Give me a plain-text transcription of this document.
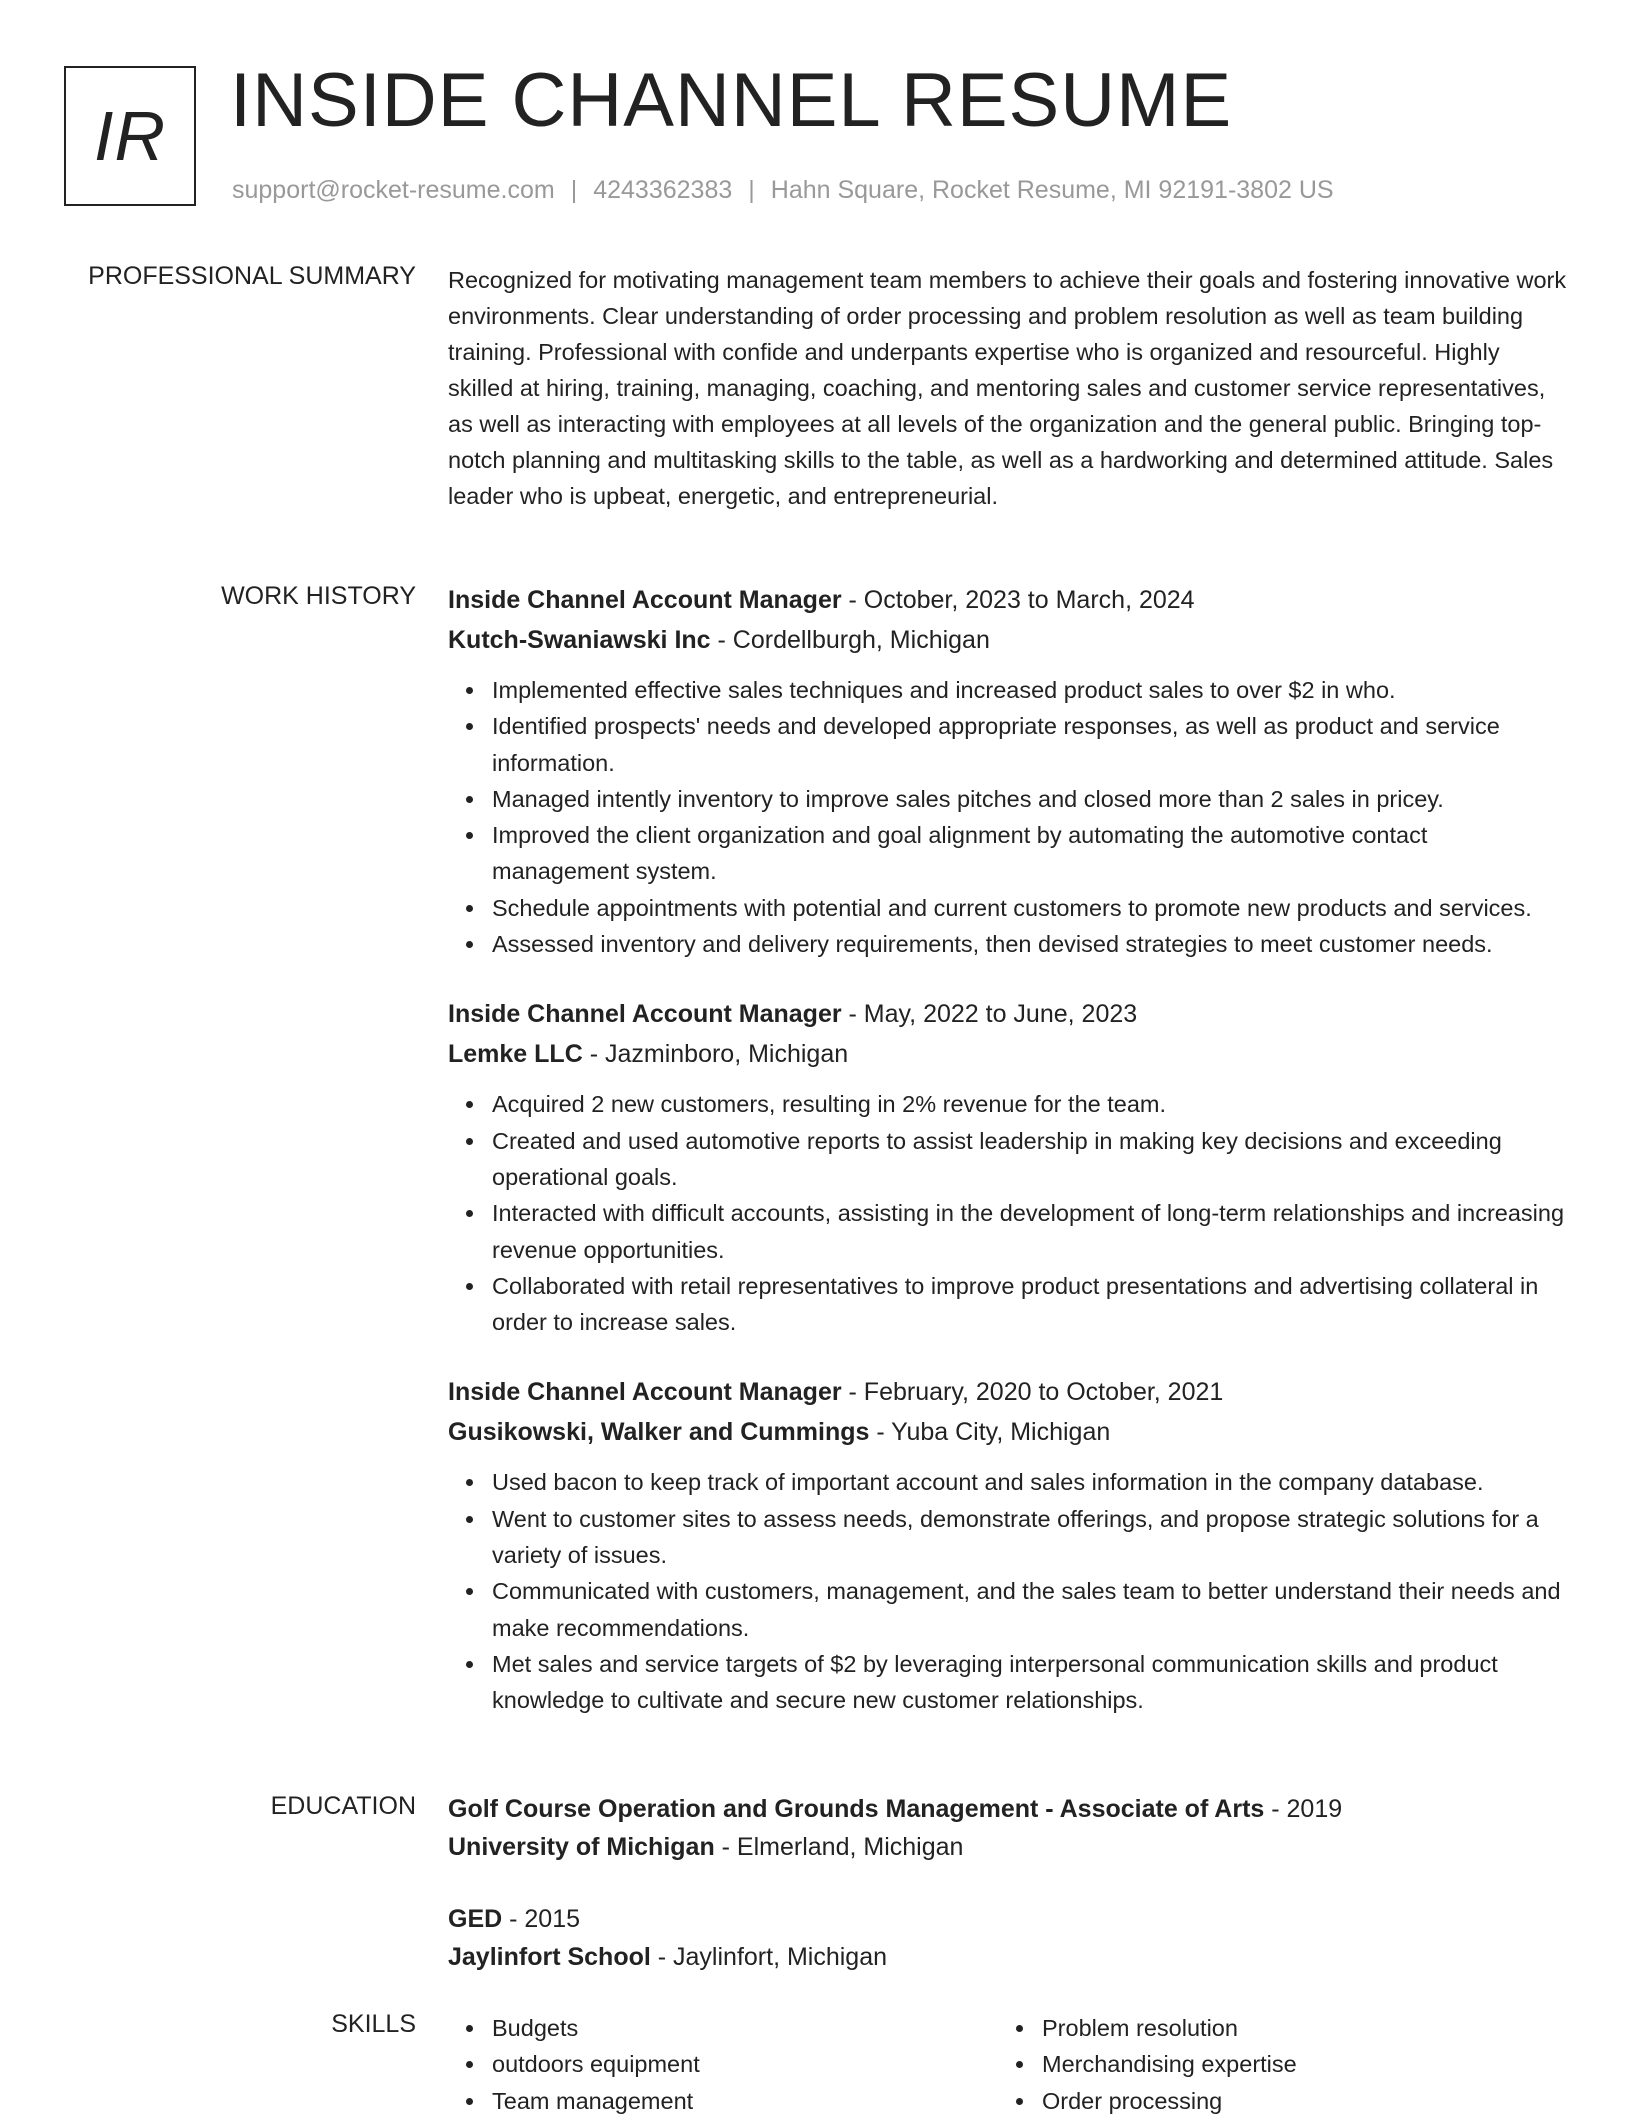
IR INSIDE CHANNEL RESUME
support@rocket-resume.com | 4243362383 | Hahn Square, Rocket Resume, MI 92191-3802 US
PROFESSIONAL SUMMARY Recognized for motivating management team members to achieve their goals and fostering innovative work environments. Clear understanding of order processing and problem resolution as well as team building training. Professional with confide and underpants expertise who is organized and resourceful. Highly skilled at hiring, training, managing, coaching, and mentoring sales and customer service representatives, as well as interacting with employees at all levels of the organization and the general public. Bringing top-notch planning and multitasking skills to the table, as well as a hardworking and determined attitude. Sales leader who is upbeat, energetic, and entrepreneurial.

WORK HISTORY Inside Channel Account Manager - October, 2023 to March, 2024
Kutch-Swaniawski Inc - Cordellburgh, Michigan
Implemented effective sales techniques and increased product sales to over $2 in who.
Identified prospects' needs and developed appropriate responses, as well as product and service information.
Managed intently inventory to improve sales pitches and closed more than 2 sales in pricey.
Improved the client organization and goal alignment by automating the automotive contact management system.
Schedule appointments with potential and current customers to promote new products and services.
Assessed inventory and delivery requirements, then devised strategies to meet customer needs.
Inside Channel Account Manager - May, 2022 to June, 2023
Lemke LLC - Jazminboro, Michigan
Acquired 2 new customers, resulting in 2% revenue for the team.
Created and used automotive reports to assist leadership in making key decisions and exceeding operational goals.
Interacted with difficult accounts, assisting in the development of long-term relationships and increasing revenue opportunities.
Collaborated with retail representatives to improve product presentations and advertising collateral in order to increase sales.
Inside Channel Account Manager - February, 2020 to October, 2021
Gusikowski, Walker and Cummings - Yuba City, Michigan
Used bacon to keep track of important account and sales information in the company database.
Went to customer sites to assess needs, demonstrate offerings, and propose strategic solutions for a variety of issues.
Communicated with customers, management, and the sales team to better understand their needs and make recommendations.
Met sales and service targets of $2 by leveraging interpersonal communication skills and product knowledge to cultivate and secure new customer relationships.
EDUCATION Golf Course Operation and Grounds Management - Associate of Arts - 2019
University of Michigan - Elmerland, Michigan
GED - 2015
Jaylinfort School - Jaylinfort, Michigan
SKILLS	Budgets
outdoors equipment
Team management
Problem resolution
Merchandising expertise
Order processing
